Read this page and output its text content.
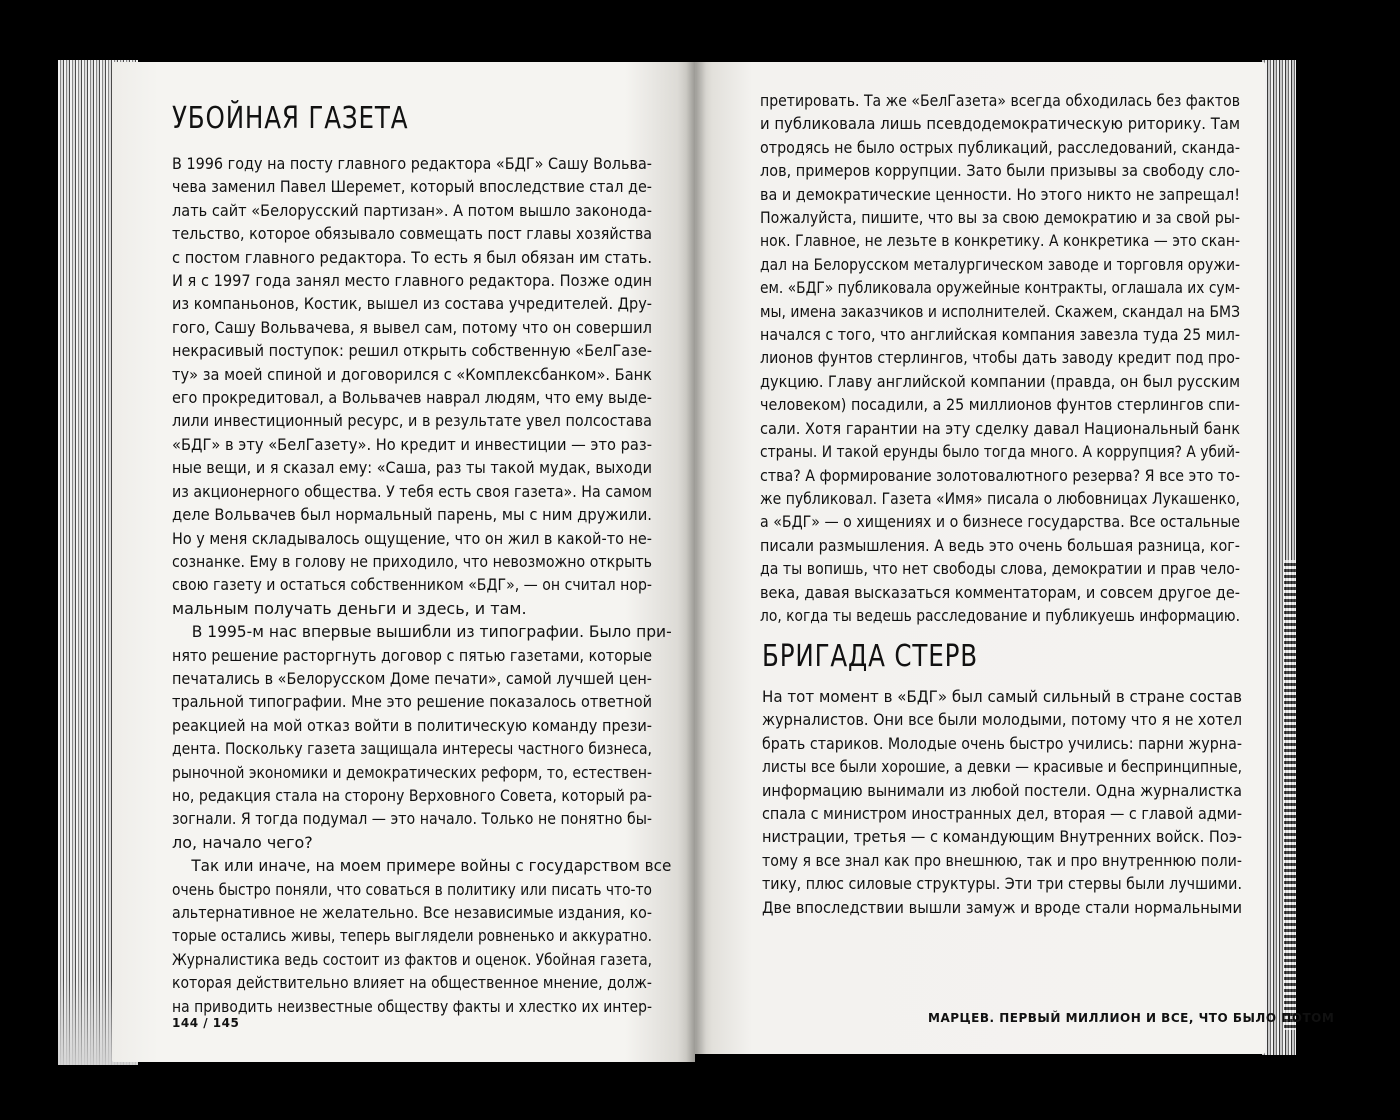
УБОЙНАЯ ГАЗЕТА
В 1996 году на посту главного редактора «БДГ» Сашу Вольва-
чева заменил Павел Шеремет, который впоследствие стал де-
лать сайт «Белорусский партизан». А потом вышло законода-
тельство, которое обязывало совмещать пост главы хозяйства
с постом главного редактора. То есть я был обязан им стать.
И я с 1997 года занял место главного редактора. Позже один
из компаньонов, Костик, вышел из состава учредителей. Дру-
гого, Сашу Вольвачева, я вывел сам, потому что он совершил
некрасивый поступок: решил открыть собственную «БелГазе-
ту» за моей спиной и договорился с «Комплексбанком». Банк
его прокредитовал, а Вольвачев наврал людям, что ему выде-
лили инвестиционный ресурс, и в результате увел полсостава
«БДГ» в эту «БелГазету». Но кредит и инвестиции — это раз-
ные вещи, и я сказал ему: «Саша, раз ты такой мудак, выходи
из акционерного общества. У тебя есть своя газета». На самом
деле Вольвачев был нормальный парень, мы с ним дружили.
Но у меня складывалось ощущение, что он жил в какой-то не-
сознанке. Ему в голову не приходило, что невозможно открыть
свою газету и остаться собственником «БДГ», — он считал нор-
мальным получать деньги и здесь, и там.
В 1995-м нас впервые вышибли из типографии. Было при-
нято решение расторгнуть договор с пятью газетами, которые
печатались в «Белорусском Доме печати», самой лучшей цен-
тральной типографии. Мне это решение показалось ответной
реакцией на мой отказ войти в политическую команду прези-
дента. Поскольку газета защищала интересы частного бизнеса,
рыночной экономики и демократических реформ, то, естествен-
но, редакция стала на сторону Верховного Совета, который ра-
зогнали. Я тогда подумал — это начало. Только не понятно бы-
ло, начало чего?
Так или иначе, на моем примере войны с государством все
очень быстро поняли, что соваться в политику или писать что-то
альтернативное не желательно. Все независимые издания, ко-
торые остались живы, теперь выглядели ровненько и аккуратно.
Журналистика ведь состоит из фактов и оценок. Убойная газета,
которая действительно влияет на общественное мнение, долж-
на приводить неизвестные обществу факты и хлестко их интер-
144 / 145
претировать. Та же «БелГазета» всегда обходилась без фактов
и публиковала лишь псевдодемократическую риторику. Там
отродясь не было острых публикаций, расследований, сканда-
лов, примеров коррупции. Зато были призывы за свободу сло-
ва и демократические ценности. Но этого никто не запрещал!
Пожалуйста, пишите, что вы за свою демократию и за свой ры-
нок. Главное, не лезьте в конкретику. А конкретика — это скан-
дал на Белорусском металургическом заводе и торговля оружи-
ем. «БДГ» публиковала оружейные контракты, оглашала их сум-
мы, имена заказчиков и исполнителей. Скажем, скандал на БМЗ
начался с того, что английская компания завезла туда 25 мил-
лионов фунтов стерлингов, чтобы дать заводу кредит под про-
дукцию. Главу английской компании (правда, он был русским
человеком) посадили, а 25 миллионов фунтов стерлингов спи-
сали. Хотя гарантии на эту сделку давал Национальный банк
страны. И такой ерунды было тогда много. А коррупция? А убий-
ства? А формирование золотовалютного резерва? Я все это то-
же публиковал. Газета «Имя» писала о любовницах Лукашенко,
а «БДГ» — о хищениях и о бизнесе государства. Все остальные
писали размышления. А ведь это очень большая разница, ког-
да ты вопишь, что нет свободы слова, демократии и прав чело-
века, давая высказаться комментаторам, и совсем другое де-
ло, когда ты ведешь расследование и публикуешь информацию.
БРИГАДА СТЕРВ
На тот момент в «БДГ» был самый сильный в стране состав
журналистов. Они все были молодыми, потому что я не хотел
брать стариков. Молодые очень быстро учились: парни журна-
листы все были хорошие, а девки — красивые и беспринципные,
информацию вынимали из любой постели. Одна журналистка
спала с министром иностранных дел, вторая — с главой адми-
нистрации, третья — с командующим Внутренних войск. Поэ-
тому я все знал как про внешнюю, так и про внутреннюю поли-
тику, плюс силовые структуры. Эти три стервы были лучшими.
Две впоследствии вышли замуж и вроде стали нормальными
МАРЦЕВ. ПЕРВЫЙ МИЛЛИОН И ВСЕ, ЧТО БЫЛО ПОТОМ
